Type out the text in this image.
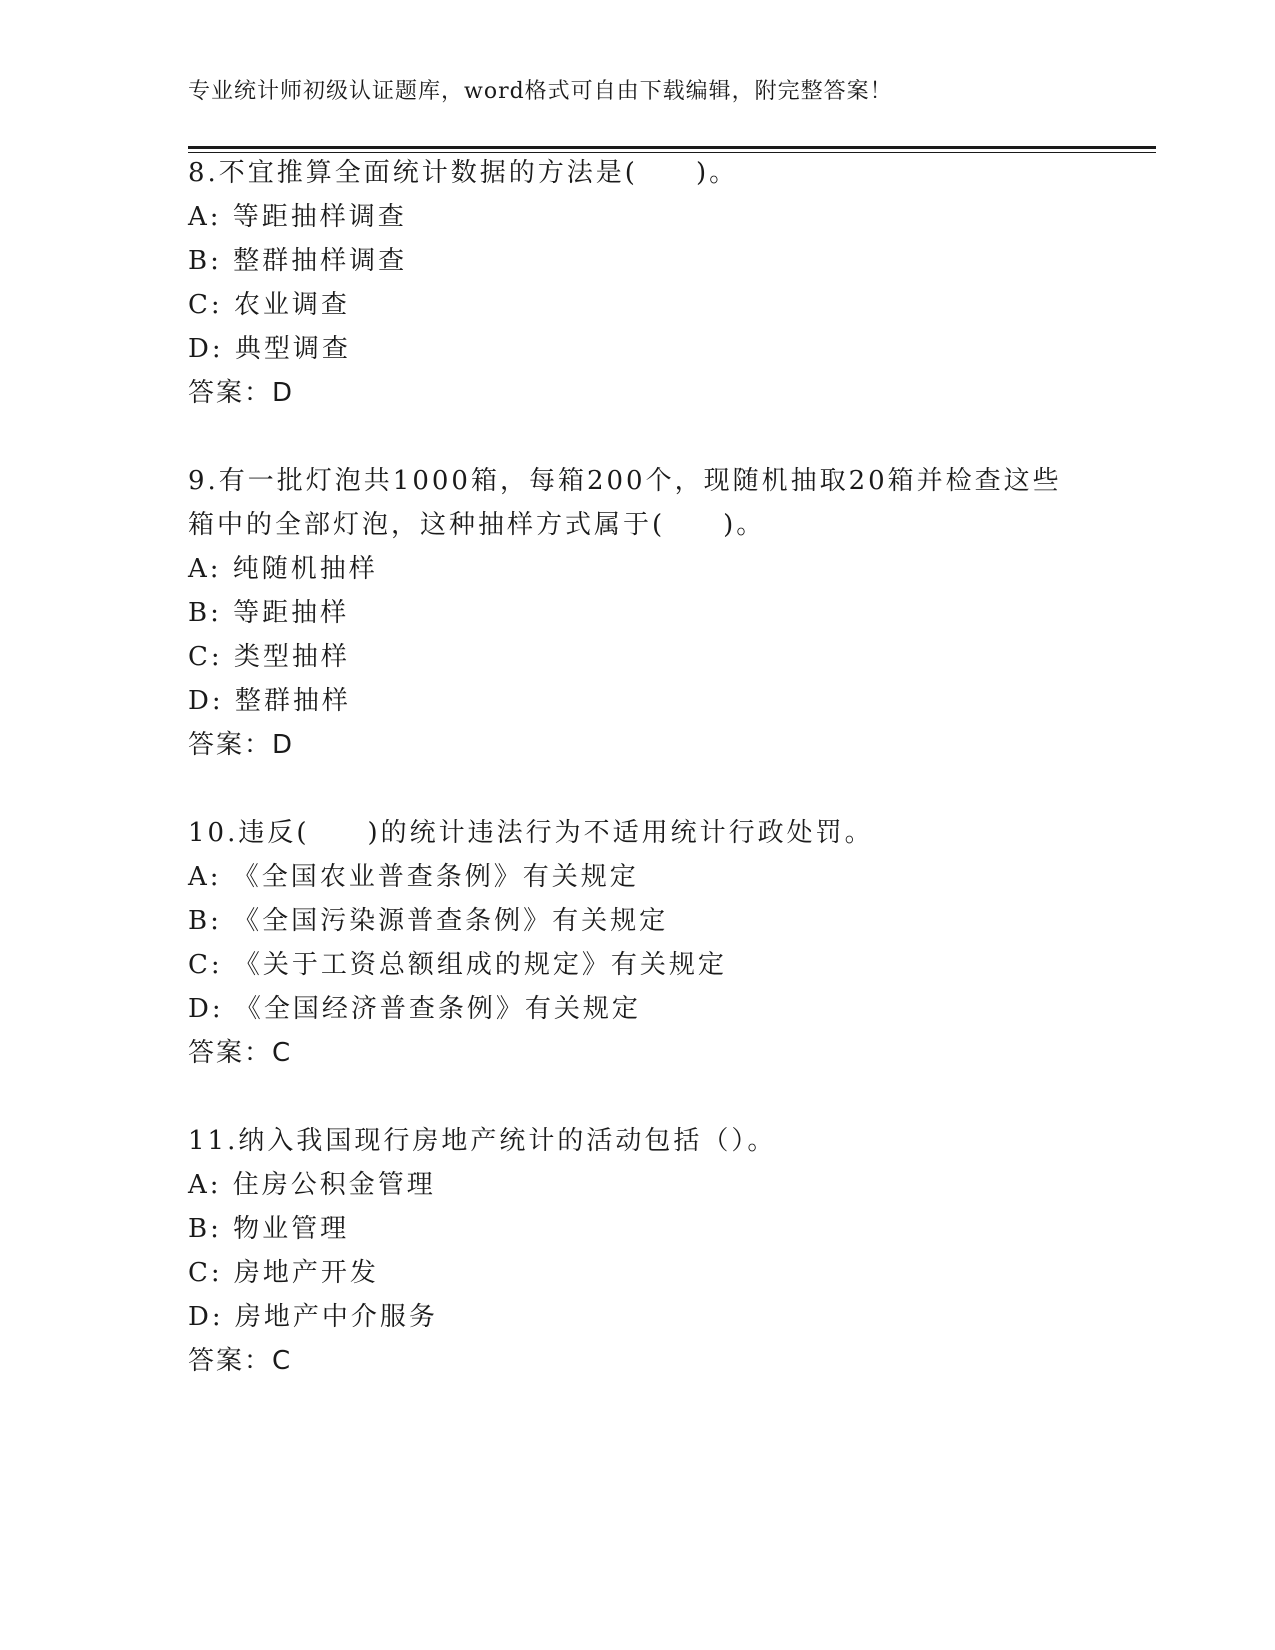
专业统计师初级认证题库，word格式可自由下载编辑，附完整答案！
8.不宜推算全面统计数据的方法是(　　)。
A: 等距抽样调查
B: 整群抽样调查
C: 农业调查
D: 典型调查
答案：D
9.有一批灯泡共1000箱，每箱200个，现随机抽取20箱并检查这些
箱中的全部灯泡，这种抽样方式属于(　　)。
A: 纯随机抽样
B: 等距抽样
C: 类型抽样
D: 整群抽样
答案：D
10.违反(　　)的统计违法行为不适用统计行政处罚。
A: 《全国农业普查条例》有关规定
B: 《全国污染源普查条例》有关规定
C: 《关于工资总额组成的规定》有关规定
D: 《全国经济普查条例》有关规定
答案：C
11.纳入我国现行房地产统计的活动包括（）。
A: 住房公积金管理
B: 物业管理
C: 房地产开发
D: 房地产中介服务
答案：C
